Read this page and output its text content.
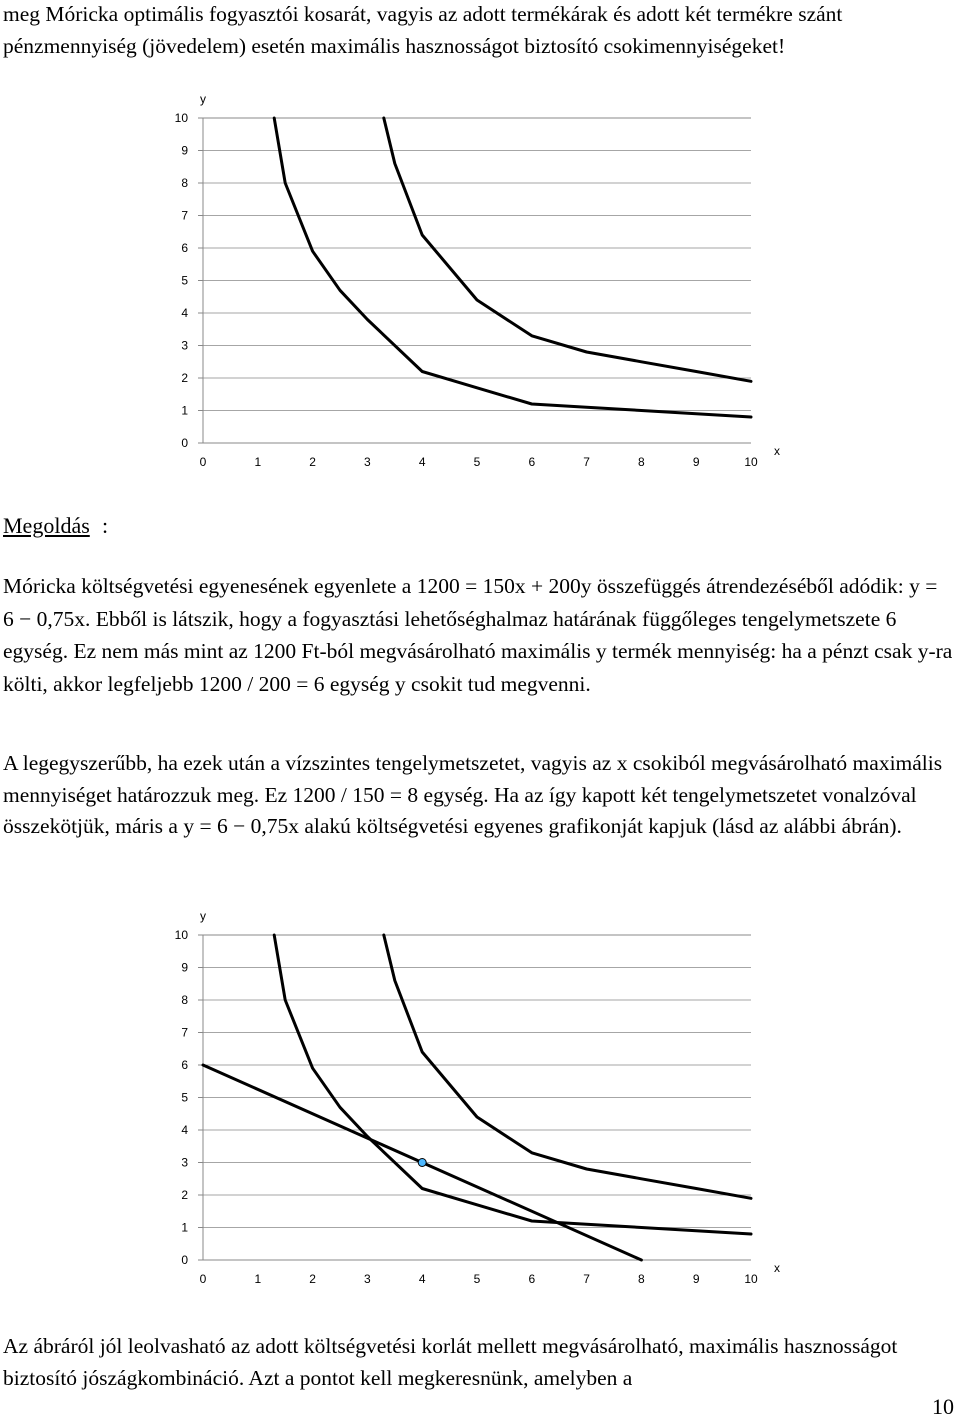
meg Móricka optimális fogyasztói kosarát, vagyis az adott termékárak és adott két termékre szánt pénzmennyiség (jövedelem) esetén maximális hasznosságot biztosító csokimennyiségeket!

0
1
2
3
4
5
6
7
8
9
10
0	1	2	3	4	5	6	7	8	9	10
y
x

Megoldás :

Móricka költségvetési egyenesének egyenlete a 1200 = 150x + 200y összefüggés átrendezéséből adódik: y = 6 − 0,75x. Ebből is látszik, hogy a fogyasztási lehetőséghalmaz határának függőleges tengelymetszete 6 egység. Ez nem más mint az 1200 Ft-ból megvásárolható maximális y termék mennyiség: ha a pénzt csak y-ra költi, akkor legfeljebb 1200 / 200 = 6 egység y csokit tud megvenni.

A legegyszerűbb, ha ezek után a vízszintes tengelymetszetet, vagyis az x csokiból megvásárolható maximális mennyiséget határozzuk meg. Ez 1200 / 150 = 8 egység. Ha az így kapott két tengelymetszetet vonalzóval összekötjük, máris a y = 6 − 0,75x alakú költségvetési egyenes grafikonját kapjuk (lásd az alábbi ábrán).

0
1
2
3
4
5
6
7
8
9
10
0	1	2	3	4	5	6	7	8	9	10
y
x

Az ábráról jól leolvasható az adott költségvetési korlát mellett megvásárolható, maximális hasznosságot biztosító jószágkombináció. Azt a pontot kell megkeresnünk, amelyben a

10
